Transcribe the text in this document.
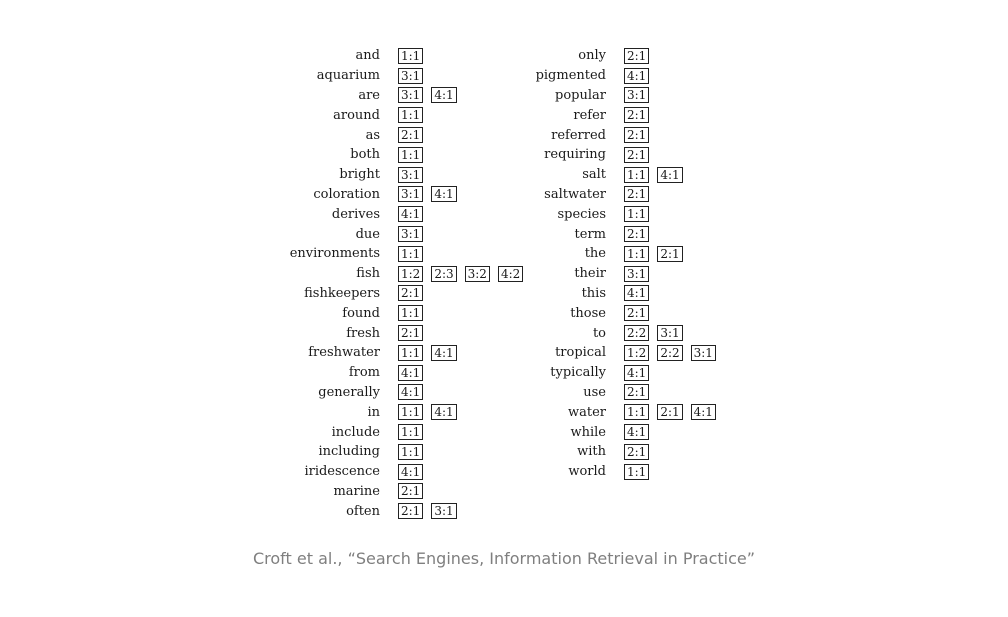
and	1:1
aquarium	3:1
are	3:1 4:1
around	1:1
as	2:1
both	1:1
bright	3:1
coloration	3:1 4:1
derives	4:1
due	3:1
environments	1:1
fish	1:2 2:3 3:2 4:2
fishkeepers	2:1
found	1:1
fresh	2:1
freshwater	1:1 4:1
from	4:1
generally	4:1
in	1:1 4:1
include	1:1
including	1:1
iridescence	4:1
marine	2:1
often	2:1 3:1
only	2:1
pigmented	4:1
popular	3:1
refer	2:1
referred	2:1
requiring	2:1
salt	1:1 4:1
saltwater	2:1
species	1:1
term	2:1
the	1:1 2:1
their	3:1
this	4:1
those	2:1
to	2:2 3:1
tropical	1:2 2:2 3:1
typically	4:1
use	2:1
water	1:1 2:1 4:1
while	4:1
with	2:1
world	1:1
Croft et al., “Search Engines, Information Retrieval in Practice”
